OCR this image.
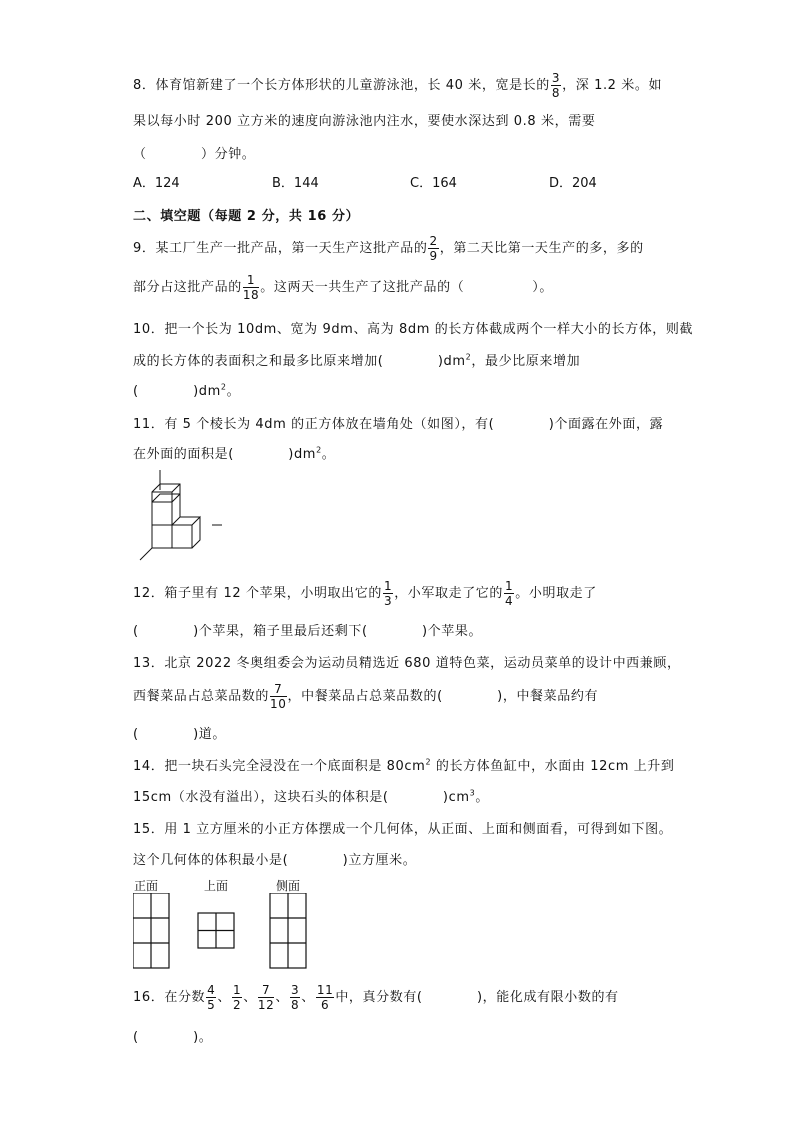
8．体育馆新建了一个长方体形状的儿童游泳池，长 40 米，宽是长的 $\frac{3}{8}$ ，深 1.2 米。如
果以每小时 200 立方米的速度向游泳池内注水，要使水深达到 0.8 米，需要
（　　　　）分钟。
A．124	B．144	C．164	D．204
二、填空题（每题 2 分，共 16 分）
9．某工厂生产一批产品，第一天生产这批产品的 $\frac{2}{9}$ ，第二天比第一天生产的多，多的
部分占这批产品的 $\frac{1}{18}$ 。这两天一共生产了这批产品的（　　　　　）。
10．把一个长为 10dm、宽为 9dm、高为 8dm 的长方体截成两个一样大小的长方体，则截
成的长方体的表面积之和最多比原来增加(　　　　)$dm^2$，最少比原来增加
(　　　　)$dm^2$。
11．有 5 个棱长为 4dm 的正方体放在墙角处（如图），有(　　　　)个面露在外面，露
在外面的面积是(　　　　)$dm^2$。
12．箱子里有 12 个苹果，小明取出它的 $\frac{1}{3}$ ，小军取走了它的 $\frac{1}{4}$ 。小明取走了
(　　　　)个苹果，箱子里最后还剩下(　　　　)个苹果。
13．北京 2022 冬奥组委会为运动员精选近 680 道特色菜，运动员菜单的设计中西兼顾，
西餐菜品占总菜品数的 $\frac{7}{10}$ ，中餐菜品占总菜品数的(　　　　)，中餐菜品约有
(　　　　)道。
14．把一块石头完全浸没在一个底面积是 $80cm^2$ 的长方体鱼缸中，水面由 12cm 上升到
15cm（水没有溢出），这块石头的体积是(　　　　)$cm^3$。
15．用 1 立方厘米的小正方体摆成一个几何体，从正面、上面和侧面看，可得到如下图。
这个几何体的体积最小是(　　　　)立方厘米。
正面	上面	侧面
16．在分数 $\frac{4}{5}$ 、 $\frac{1}{2}$ 、 $\frac{7}{12}$ 、 $\frac{3}{8}$ 、 $\frac{11}{6}$ 中，真分数有(　　　　)，能化成有限小数的有
(　　　　)。
